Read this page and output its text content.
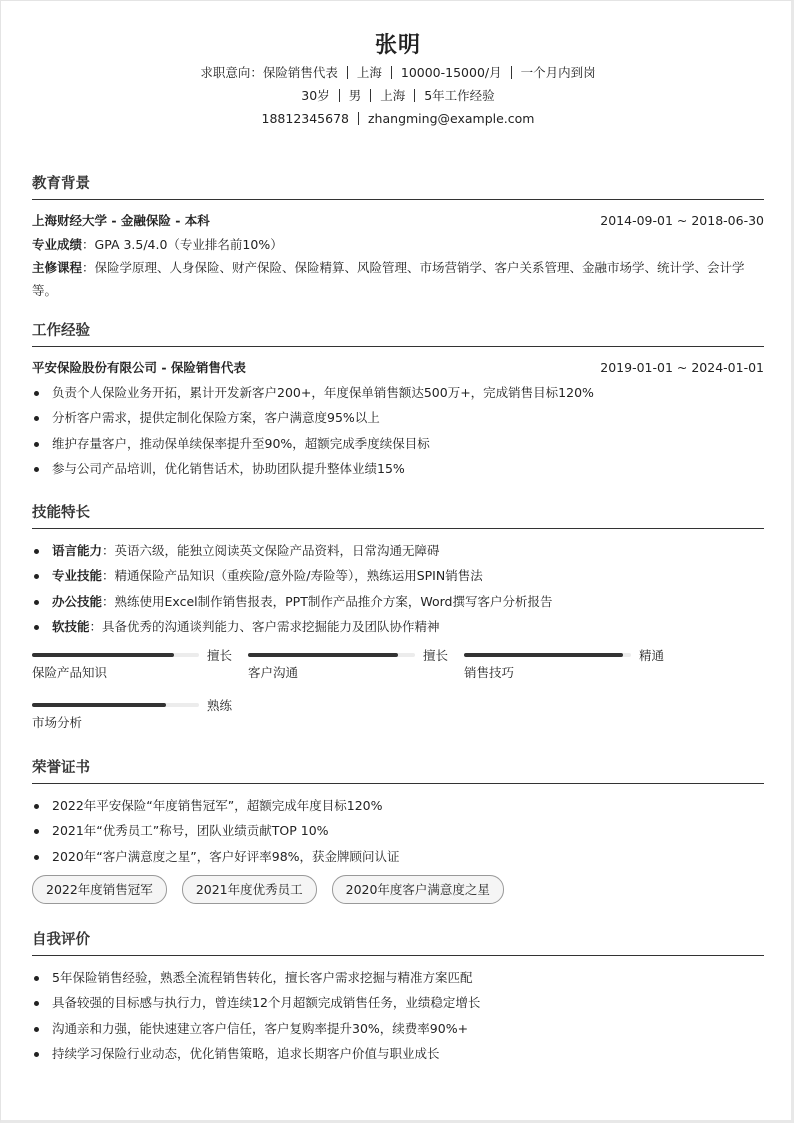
张明
求职意向：保险销售代表 上海 10000-15000/月 一个月内到岗
30岁 男 上海 5年工作经验
18812345678 zhangming@example.com
教育背景
上海财经大学 - 金融保险 - 本科	2014-09-01 ~ 2018-06-30
专业成绩：GPA 3.5/4.0（专业排名前10%）
主修课程：保险学原理、人身保险、财产保险、保险精算、风险管理、市场营销学、客户关系管理、金融市场学、统计学、会计学等。
工作经验
平安保险股份有限公司 - 保险销售代表	2019-01-01 ~ 2024-01-01
负责个人保险业务开拓，累计开发新客户200+，年度保单销售额达500万+，完成销售目标120%
分析客户需求，提供定制化保险方案，客户满意度95%以上
维护存量客户，推动保单续保率提升至90%，超额完成季度续保目标
参与公司产品培训，优化销售话术，协助团队提升整体业绩15%
技能特长
语言能力：英语六级，能独立阅读英文保险产品资料，日常沟通无障碍
专业技能：精通保险产品知识（重疾险/意外险/寿险等），熟练运用SPIN销售法
办公技能：熟练使用Excel制作销售报表，PPT制作产品推介方案，Word撰写客户分析报告
软技能：具备优秀的沟通谈判能力、客户需求挖掘能力及团队协作精神
擅长
保险产品知识
擅长
客户沟通
精通
销售技巧
熟练
市场分析
荣誉证书
2022年平安保险“年度销售冠军”，超额完成年度目标120%
2021年“优秀员工”称号，团队业绩贡献TOP 10%
2020年“客户满意度之星”，客户好评率98%，获金牌顾问认证
2022年度销售冠军	2021年度优秀员工	2020年度客户满意度之星
自我评价
5年保险销售经验，熟悉全流程销售转化，擅长客户需求挖掘与精准方案匹配
具备较强的目标感与执行力，曾连续12个月超额完成销售任务，业绩稳定增长
沟通亲和力强，能快速建立客户信任，客户复购率提升30%，续费率90%+
持续学习保险行业动态，优化销售策略，追求长期客户价值与职业成长
